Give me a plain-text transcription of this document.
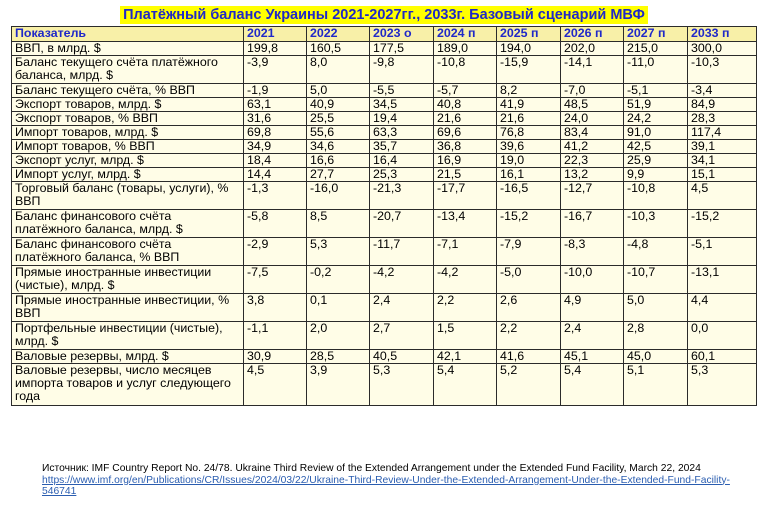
Платёжный баланс Украины 2021-2027гг., 2033г. Базовый сценарий МВФ
Показатель	2021	2022	2023 о	2024 п	2025 п	2026 п	2027 п	2033 п
ВВП, в млрд. $	199,8	160,5	177,5	189,0	194,0	202,0	215,0	300,0
Баланс текущего счёта платёжного баланса, млрд. $	-3,9	8,0	-9,8	-10,8	-15,9	-14,1	-11,0	-10,3
Баланс текущего счёта, % ВВП	-1,9	5,0	-5,5	-5,7	8,2	-7,0	-5,1	-3,4
Экспорт товаров, млрд. $	63,1	40,9	34,5	40,8	41,9	48,5	51,9	84,9
Экспорт товаров, % ВВП	31,6	25,5	19,4	21,6	21,6	24,0	24,2	28,3
Импорт товаров, млрд. $	69,8	55,6	63,3	69,6	76,8	83,4	91,0	117,4
Импорт товаров, % ВВП	34,9	34,6	35,7	36,8	39,6	41,2	42,5	39,1
Экспорт услуг, млрд. $	18,4	16,6	16,4	16,9	19,0	22,3	25,9	34,1
Импорт услуг, млрд. $	14,4	27,7	25,3	21,5	16,1	13,2	9,9	15,1
Торговый баланс (товары, услуги), % ВВП	-1,3	-16,0	-21,3	-17,7	-16,5	-12,7	-10,8	4,5
Баланс финансового счёта платёжного баланса, млрд. $	-5,8	8,5	-20,7	-13,4	-15,2	-16,7	-10,3	-15,2
Баланс финансового счёта платёжного баланса, % ВВП	-2,9	5,3	-11,7	-7,1	-7,9	-8,3	-4,8	-5,1
Прямые иностранные инвестиции (чистые), млрд. $	-7,5	-0,2	-4,2	-4,2	-5,0	-10,0	-10,7	-13,1
Прямые иностранные инвестиции, % ВВП	3,8	0,1	2,4	2,2	2,6	4,9	5,0	4,4
Портфельные инвестиции (чистые), млрд. $	-1,1	2,0	2,7	1,5	2,2	2,4	2,8	0,0
Валовые резервы, млрд. $	30,9	28,5	40,5	42,1	41,6	45,1	45,0	60,1
Валовые резервы, число месяцев импорта товаров и услуг следующего года	4,5	3,9	5,3	5,4	5,2	5,4	5,1	5,3
Источник: IMF Country Report No. 24/78. Ukraine Third Review of the Extended Arrangement under the Extended Fund Facility, March 22, 2024
https://www.imf.org/en/Publications/CR/Issues/2024/03/22/Ukraine-Third-Review-Under-the-Extended-Arrangement-Under-the-Extended-Fund-Facility-546741
